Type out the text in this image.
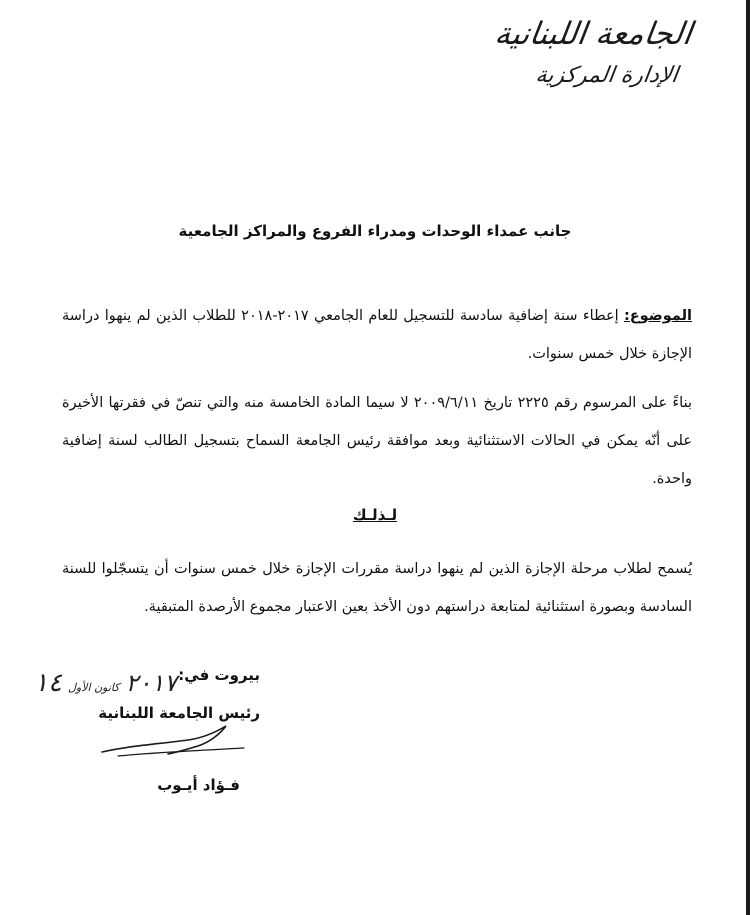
الجامعة اللبنانية
الإدارة المركزية
جانب عمداء الوحدات ومدراء الفروع والمراكز الجامعية
الموضوع: إعطاء سنة إضافية سادسة للتسجيل للعام الجامعي ٢٠١٧-٢٠١٨ للطلاب الذين لم ينهوا دراسة الإجازة خلال خمس سنوات.
بناءً على المرسوم رقم ٢٢٢٥ تاريخ ٢٠٠٩/٦/١١ لا سيما المادة الخامسة منه والتي تنصّ في فقرتها الأخيرة على أنّه يمكن في الحالات الاستثنائية وبعد موافقة رئيس الجامعة السماح بتسجيل الطالب لسنة إضافية واحدة.
لـذلـك
يُسمح لطلاب مرحلة الإجازة الذين لم ينهوا دراسة مقررات الإجازة خلال خمس سنوات أن يتسجّلوا للسنة السادسة وبصورة استثنائية لمتابعة دراستهم دون الأخذ بعين الاعتبار مجموع الأرصدة المتبقية.
بيروت في:
٢٠١٧كانون الأول١٤
رئيس الجامعة اللبنانية
فـؤاد أيـوب
